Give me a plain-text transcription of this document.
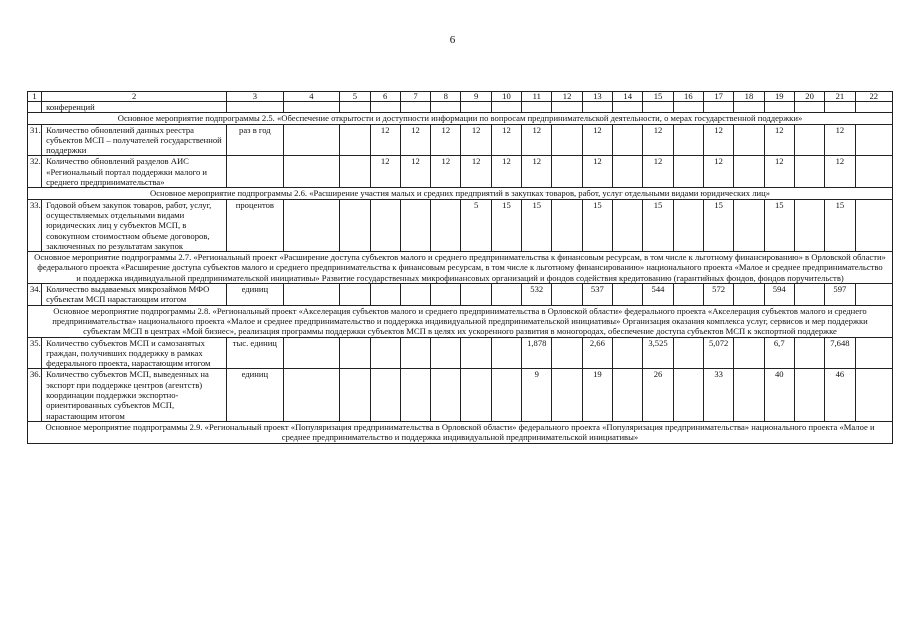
6
1	2	3	4	5	6	7	8	9	10	11	12	13	14	15	16	17	18	19	20	21	22
	конференций																				
Основное мероприятие подпрограммы 2.5. «Обеспечение открытости и доступности информации по вопросам предпринимательской деятельности, о мерах государственной поддержки»																					
31.	Количество обновлений данных реестра субъектов МСП – получателей государственной поддержки	раз в год			12	12	12	12	12	12		12		12		12		12		12	
32.	Количество обновлений разделов АИС «Региональный портал поддержки малого и среднего предпринимательства»				12	12	12	12	12	12		12		12		12		12		12	
Основное мероприятие подпрограммы 2.6. «Расширение участия малых и средних предприятий в закупках товаров, работ, услуг отдельными видами юридических лиц»																					
33.	Годовой объем закупок товаров, работ, услуг, осуществляемых отдельными видами юридических лиц у субъектов МСП, в совокупном стоимостном объеме договоров, заключенных по результатам закупок	процентов						5	15	15		15		15		15		15		15	
Основное мероприятие подпрограммы 2.7. «Региональный проект «Расширение доступа субъектов малого и среднего предпринимательства к финансовым ресурсам, в том числе к льготному финансированию» в Орловской области» федерального проекта «Расширение доступа субъектов малого и среднего предпринимательства к финансовым ресурсам, в том числе к льготному финансированию» национального проекта «Малое и среднее предпринимательство и поддержка индивидуальной предпринимательской инициативы» Развитие государственных микрофинансовых организаций и фондов содействия кредитованию (гарантийных фондов, фондов поручительств)																					
34.	Количество выдаваемых микрозаймов МФО субъектам МСП нарастающим итогом	единиц								532		537		544		572		594		597	
Основное мероприятие подпрограммы 2.8. «Региональный проект «Акселерация субъектов малого и среднего предпринимательства в Орловской области» федерального проекта «Акселерация субъектов малого и среднего предпринимательства» национального проекта «Малое и среднее предпринимательство и поддержка индивидуальной предпринимательской инициативы» Организация оказания комплекса услуг, сервисов и мер поддержки субъектам МСП в центрах «Мой бизнес», реализация программы поддержки субъектов МСП в целях их ускоренного развития в моногородах, обеспечение доступа субъектов МСП к экспортной поддержке																					
35.	Количество субъектов МСП и самозанятых граждан, получивших поддержку в рамках федерального проекта, нарастающим итогом	тыс. единиц								1,878		2,66		3,525		5,072		6,7		7,648	
36.	Количество субъектов МСП, выведенных на экспорт при поддержке центров (агентств) координации поддержки экспортно-ориентированных субъектов МСП, нарастающим итогом	единиц								9		19		26		33		40		46	
Основное мероприятие подпрограммы 2.9. «Региональный проект «Популяризация предпринимательства в Орловской области» федерального проекта «Популяризация предпринимательства» национального проекта «Малое и среднее предпринимательство и поддержка индивидуальной предпринимательской инициативы»																					
